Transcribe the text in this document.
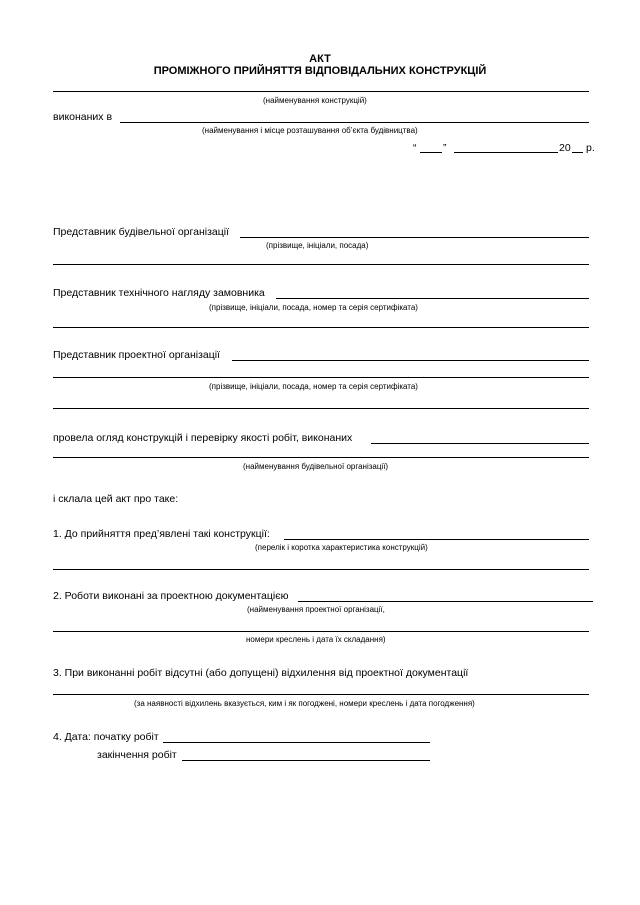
АКТ
ПРОМІЖНОГО ПРИЙНЯТТЯ ВІДПОВІДАЛЬНИХ КОНСТРУКЦІЙ
(найменування конструкцій)
виконаних в
(найменування і місце розташування об’єкта будівництва)
“	”	20 р.
Представник будівельної організації
(прізвище, ініціали, посада)
Представник технічного нагляду замовника
(прізвище, ініціали, посада, номер та серія сертифіката)
Представник проектної організації
(прізвище, ініціали, посада, номер та серія сертифіката)
провела огляд конструкцій і перевірку якості робіт, виконаних
(найменування будівельної організації)
і склала цей акт про таке:
1. До прийняття пред’явлені такі конструкції:
(перелік і коротка характеристика конструкцій)
2. Роботи виконані за проектною документацією
(найменування проектної організації,
номери креслень і дата їх складання)
3. При виконанні робіт відсутні (або допущені) відхилення від проектної документації
(за наявності відхилень вказується, ким і як погоджені, номери креслень і дата погодження)
4. Дата: початку робіт
закінчення робіт
